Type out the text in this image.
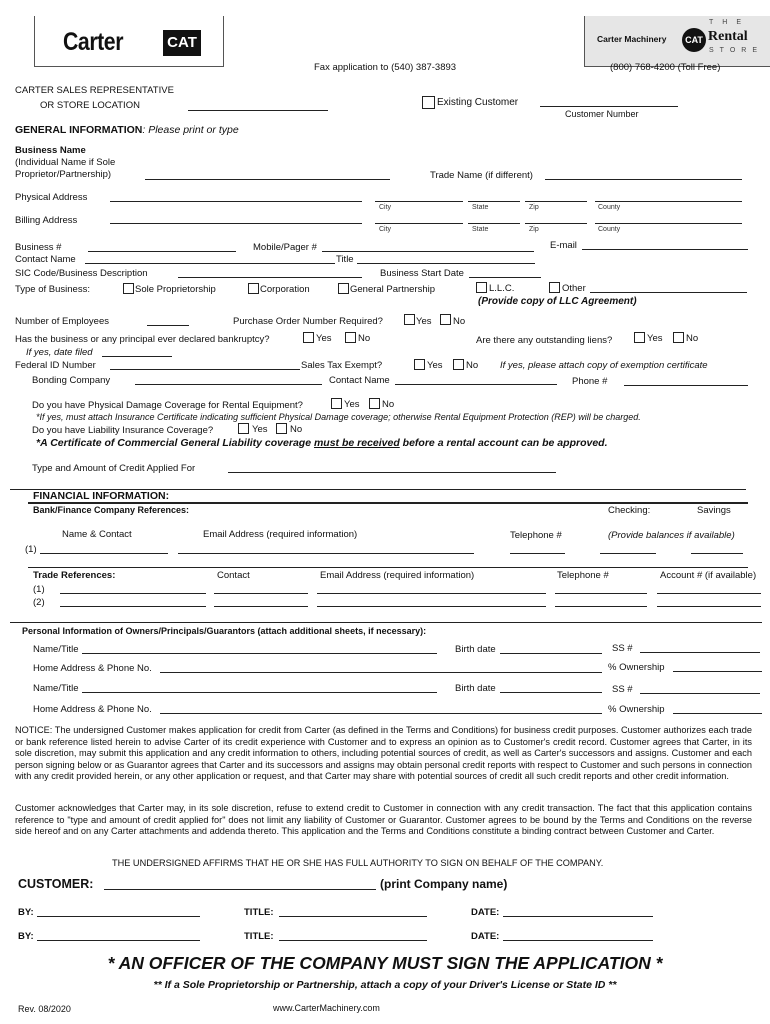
Carter	CAT	Carter Machinery	CAT
THE
Rental
STORE
Fax application to (540) 387-3893	(800) 768-4200 (Toll Free)
CARTER SALES REPRESENTATIVE
OR STORE LOCATION	Existing Customer
Customer Number
GENERAL INFORMATION: Please print or type
Business Name
(Individual Name if Sole
Proprietor/Partnership)	Trade Name (if different)
Physical Address
City	State	Zip	County
Billing Address
City	State	Zip	County
Business #	Mobile/Pager #	E-mail
Contact Name	Title
SIC Code/Business Description	Business Start Date
Type of Business:	Sole Proprietorship	Corporation	General Partnership	L.L.C.	Other
(Provide copy of LLC Agreement)
Number of Employees	Purchase Order Number Required?	Yes No
Has the business or any principal ever declared bankruptcy?	Yes	No	Are there any outstanding liens?	Yes No
If yes, date filed
Federal ID Number	Sales Tax Exempt?	Yes No If yes, please attach copy of exemption certificate
Bonding Company	Contact Name	Phone #
Do you have Physical Damage Coverage for Rental Equipment?	Yes No
*If yes, must attach Insurance Certificate indicating sufficient Physical Damage coverage; otherwise Rental Equipment Protection (REP) will be charged.
Do you have Liability Insurance Coverage?	Yes No
*A Certificate of Commercial General Liability coverage must be received before a rental account can be approved.
Type and Amount of Credit Applied For
FINANCIAL INFORMATION:
Bank/Finance Company References:	Checking:	Savings
Name & Contact	Email Address (required information)	Telephone #	(Provide balances if available)
(1)
Trade References:	Contact	Email Address (required information)	Telephone #	Account # (if available)
(1)
(2)
Personal Information of Owners/Principals/Guarantors (attach additional sheets, if necessary):
Name/Title	Birth date	SS #
Home Address & Phone No.	% Ownership
Name/Title	Birth date	SS #
Home Address & Phone No.	% Ownership
NOTICE: The undersigned Customer makes application for credit from Carter (as defined in the Terms and Conditions) for business credit purposes. Customer authorizes each trade or bank reference listed herein to advise Carter of its credit experience with Customer and to express an opinion as to Customer's credit record. Customer agrees that Carter, in its sole discretion, may submit this application and any credit information to others, including potential sources of credit, as well as Carter's successors and assigns. Customer and each person signing below or as Guarantor agrees that Carter and its successors and assigns may obtain personal credit reports with respect to Customer and such persons in connection with any credit provided herein, or any other application or request, and that Carter may share with potential sources of credit all such credit reports and other credit information.
Customer acknowledges that Carter may, in its sole discretion, refuse to extend credit to Customer in connection with any credit transaction. The fact that this application contains reference to "type and amount of credit applied for" does not limit any liability of Customer or Guarantor. Customer agrees to be bound by the Terms and Conditions on the reverse side hereof and on any Carter attachments and addenda thereto. This application and the Terms and Conditions constitute a binding contract between Customer and Carter.
THE UNDERSIGNED AFFIRMS THAT HE OR SHE HAS FULL AUTHORITY TO SIGN ON BEHALF OF THE COMPANY.
CUSTOMER:	(print Company name)
BY:	TITLE:	DATE:
BY:	TITLE:	DATE:
* AN OFFICER OF THE COMPANY MUST SIGN THE APPLICATION *
** If a Sole Proprietorship or Partnership, attach a copy of your Driver's License or State ID **
Rev. 08/2020	www.CarterMachinery.com
